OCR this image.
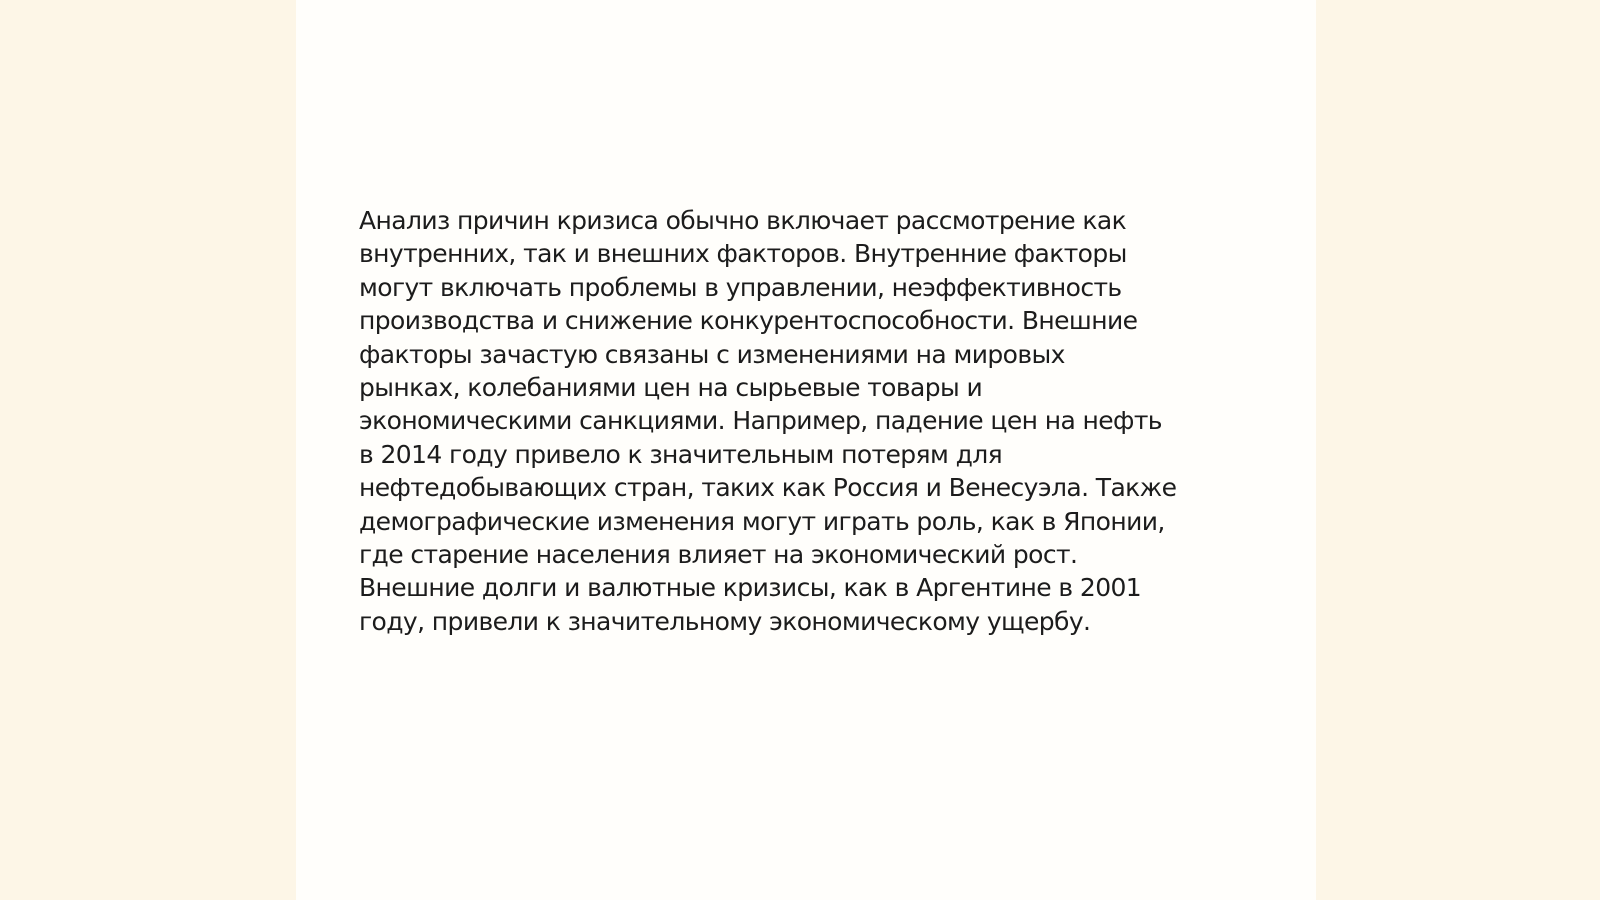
Анализ причин кризиса обычно включает рассмотрение как
внутренних, так и внешних факторов. Внутренние факторы
могут включать проблемы в управлении, неэффективность
производства и снижение конкурентоспособности. Внешние
факторы зачастую связаны с изменениями на мировых
рынках, колебаниями цен на сырьевые товары и
экономическими санкциями. Например, падение цен на нефть
в 2014 году привело к значительным потерям для
нефтедобывающих стран, таких как Россия и Венесуэла. Также
демографические изменения могут играть роль, как в Японии,
где старение населения влияет на экономический рост.
Внешние долги и валютные кризисы, как в Аргентине в 2001
году, привели к значительному экономическому ущербу.
